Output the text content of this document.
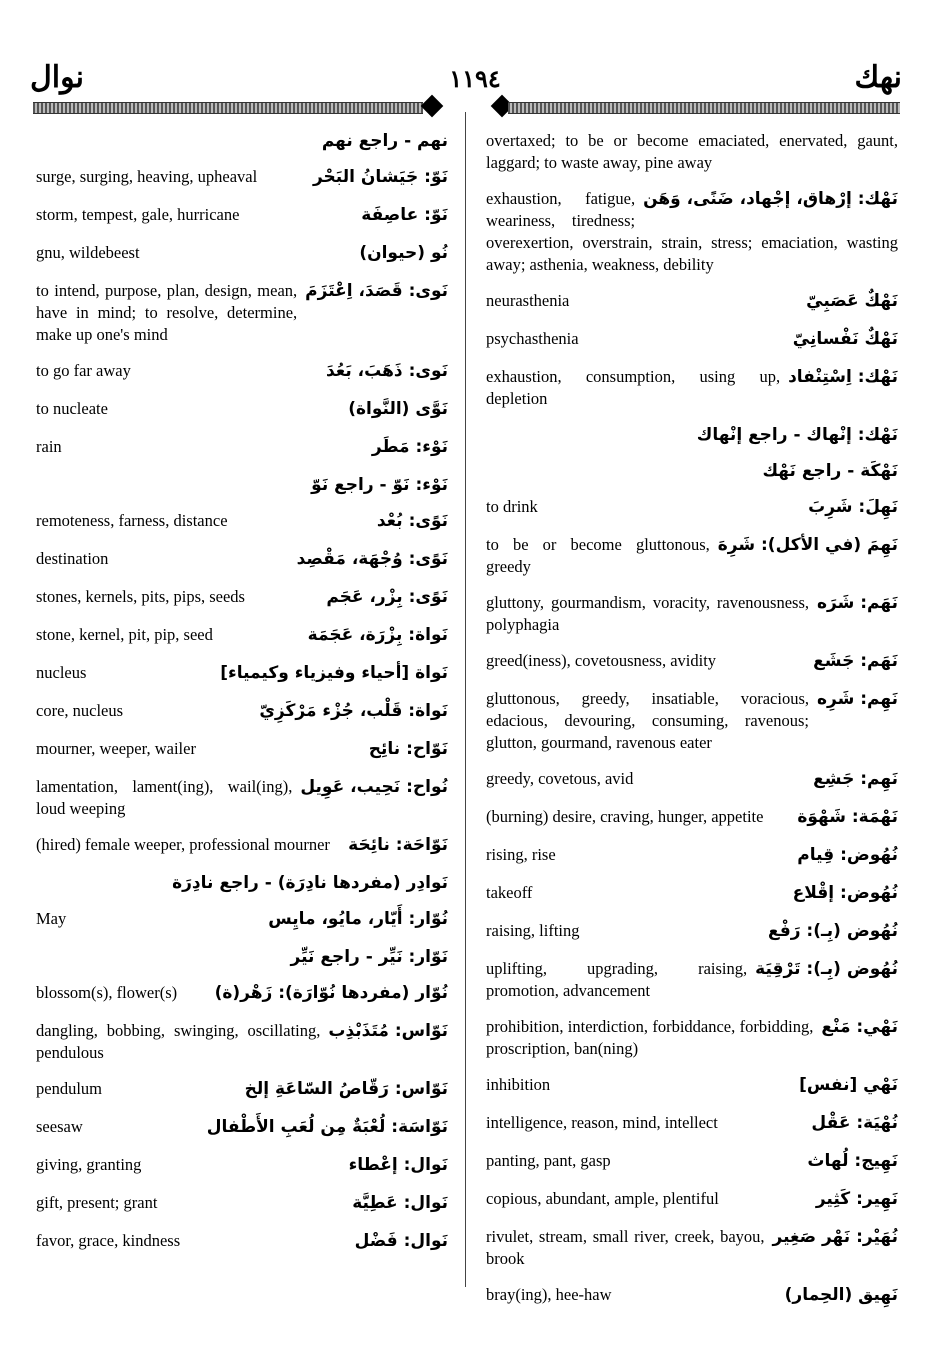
نوال	١١٩٤	نهك
نهم - راجع نهم
نَوّ: جَيَشانُ البَحْر
surge, surging, heaving, upheaval
نَوّ: عاصِفَة
storm, tempest, gale, hurricane
نُو (حيوان)
gnu, wildebeest
نَوى: قَصَدَ، اِعْتَزَمَ
to intend, purpose, plan, design, mean, have in mind; to resolve, determine, make up one's mind
نَوى: ذَهَبَ، بَعُدَ
to go far away
نَوَّى (النَّواة)
to nucleate
نَوْء: مَطَر
rain
نَوْء: نَوّ - راجع نَوّ
نَوًى: بُعْد
remoteness, farness, distance
نَوًى: وُجْهَة، مَقْصِد
destination
نَوًى: بِزْر، عَجَم
stones, kernels, pits, pips, seeds
نَواة: بِزْرَة، عَجَمَة
stone, kernel, pit, pip, seed
نَواة [أحياء وفيزياء وكيمياء]
nucleus
نَواة: قَلْب، جُزْء مَرْكَزِيّ
core, nucleus
نَوّاح: نائِح
mourner, weeper, wailer
نُواح: نَحِيب، عَوِيل
lamentation, lament(ing), wail(ing), loud weeping
نَوّاحَة: نائِحَة
(hired) female weeper, professional mourner
نَوادِر (مفردها نادِرَة) - راجع نادِرَة
نُوّار: أَيّار، مايُو، مايِس
May
نَوّار: نَيِّر - راجع نَيِّر
نُوّار (مفردها نُوّارَة): زَهْر(ة)
blossom(s), flower(s)
نَوّاس: مُتَذَبْذِب
dangling, bobbing, swinging, oscillating, pendulous
نَوّاس: رَقّاصُ السّاعَةِ إلخ
pendulum
نَوّاسَة: لُعْبَةٌ مِن لُعَبِ الأَطْفال
seesaw
نَوال: إعْطاء
giving, granting
نَوال: عَطِيَّة
gift, present; grant
نَوال: فَضْل
favor, grace, kindness
overtaxed; to be or become emaciated, enervated, gaunt, laggard; to waste away, pine away
نَهْك: إرْهاق، إجْهاد، ضَنًى، وَهَن
exhaustion, fatigue, weariness, tiredness; overexertion, overstrain, strain, stress; emaciation, wasting away; asthenia, weakness, debility
نَهْكٌ عَصَبِيّ
neurasthenia
نَهْكٌ نَفْسانِيّ
psychasthenia
نَهْك: اِسْتِنْفاد
exhaustion, consumption, using up, depletion
نَهْك: إنْهاك - راجع إنْهاك
نَهْكَة - راجع نَهْك
نَهِلَ: شَرِبَ
to drink
نَهِمَ (في الأكل): شَرِهَ
to be or become gluttonous, greedy
نَهَم: شَرَه
gluttony, gourmandism, voracity, ravenousness, polyphagia
نَهَم: جَشَع
greed(iness), covetousness, avidity
نَهِم: شَرِه
gluttonous, greedy, insatiable, voracious, edacious, devouring, consuming, ravenous; glutton, gourmand, ravenous eater
نَهِم: جَشِع
greedy, covetous, avid
نَهْمَة: شَهْوَة
(burning) desire, craving, hunger, appetite
نُهُوض: قِيام
rising, rise
نُهُوض: إقْلاع
takeoff
نُهُوض (بِـ): رَفْع
raising, lifting
نُهُوض (بِـ): تَرْقِيَة
uplifting, upgrading, raising, promotion, advancement
نَهْي: مَنْع
prohibition, interdiction, forbiddance, forbidding, proscription, ban(ning)
نَهْي [نفس]
inhibition
نُهْيَة: عَقْل
intelligence, reason, mind, intellect
نَهِيج: لُهاث
panting, pant, gasp
نَهِير: كَثِير
copious, abundant, ample, plentiful
نُهَيْر: نَهْر صَغِير
rivulet, stream, small river, creek, bayou, brook
نَهِيق (الحِمار)
bray(ing), hee-haw
